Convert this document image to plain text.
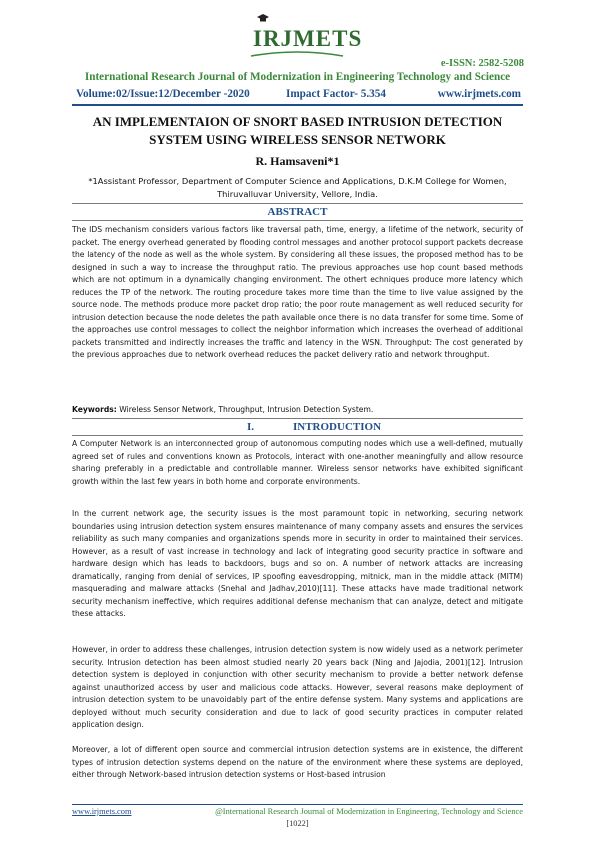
IRJMETS
e-ISSN: 2582-5208
International Research Journal of Modernization in Engineering Technology and Science
Volume:02/Issue:12/December -2020	Impact Factor- 5.354	www.irjmets.com
AN IMPLEMENTAION OF SNORT BASED INTRUSION DETECTION
SYSTEM USING WIRELESS SENSOR NETWORK
R. Hamsaveni*1
*1Assistant Professor, Department of Computer Science and Applications, D.K.M College for Women,
Thiruvalluvar University, Vellore, India.
ABSTRACT

The IDS mechanism considers various factors like traversal path, time, energy, a lifetime of the network, security of packet. The energy overhead generated by flooding control messages and another protocol support packets decrease the latency of the node as well as the whole system. By considering all these issues, the proposed method has to be designed in such a way to increase the throughput ratio. The previous approaches use hop count based methods which are not optimum in a dynamically changing environment. The othert echniques produce more latency which reduces the TP of the network. The routing procedure takes more time than the time to live value assigned by the source node. The methods produce more packet drop ratio; the poor route management as well reduced security for intrusion detection because the node deletes the path available once there is no data transfer for some time. Some of the approaches use control messages to collect the neighbor information which increases the overhead of additional packets transmitted and indirectly increases the traffic and latency in the WSN. Throughput: The cost generated by the previous approaches due to network overhead reduces the packet delivery ratio and network throughput.

Keywords: Wireless Sensor Network, Throughput, Intrusion Detection System.
I.	INTRODUCTION

A Computer Network is an interconnected group of autonomous computing nodes which use a well-defined, mutually agreed set of rules and conventions known as Protocols, interact with one-another meaningfully and allow resource sharing preferably in a predictable and controllable manner. Wireless sensor networks have exhibited significant growth within the last few years in both home and corporate environments.

In the current network age, the security issues is the most paramount topic in networking, securing network boundaries using intrusion detection system ensures maintenance of many company assets and ensures the services reliability as such many companies and organizations spends more in security in order to maintained their services. However, as a result of vast increase in technology and lack of integrating good security practice in software and hardware design which has leads to backdoors, bugs and so on. A number of network attacks are increasing dramatically, ranging from denial of services, IP spoofing eavesdropping, mitnick, man in the middle attack (MITM) masquerading and malware attacks (Snehal and Jadhav,2010)[11]. These attacks have made traditional network security mechanism ineffective, which requires additional defense mechanism that can analyze, detect and mitigate these attacks.

However, in order to address these challenges, intrusion detection system is now widely used as a network perimeter security. Intrusion detection has been almost studied nearly 20 years back (Ning and Jajodia, 2001)[12]. Intrusion detection system is deployed in conjunction with other security mechanism to provide a better network defense against unauthorized access by user and malicious code attacks. However, several reasons make deployment of intrusion detection system to be unavoidably part of the entire defense system. Many systems and applications are deployed without much security consideration and due to lack of good security practices in computer related application design.

Moreover, a lot of different open source and commercial intrusion detection systems are in existence, the different types of intrusion detection systems depend on the nature of the environment where these systems are deployed, either through Network-based intrusion detection systems or Host-based intrusion

www.irjmets.com	@International Research Journal of Modernization in Engineering, Technology and Science
[1022]
